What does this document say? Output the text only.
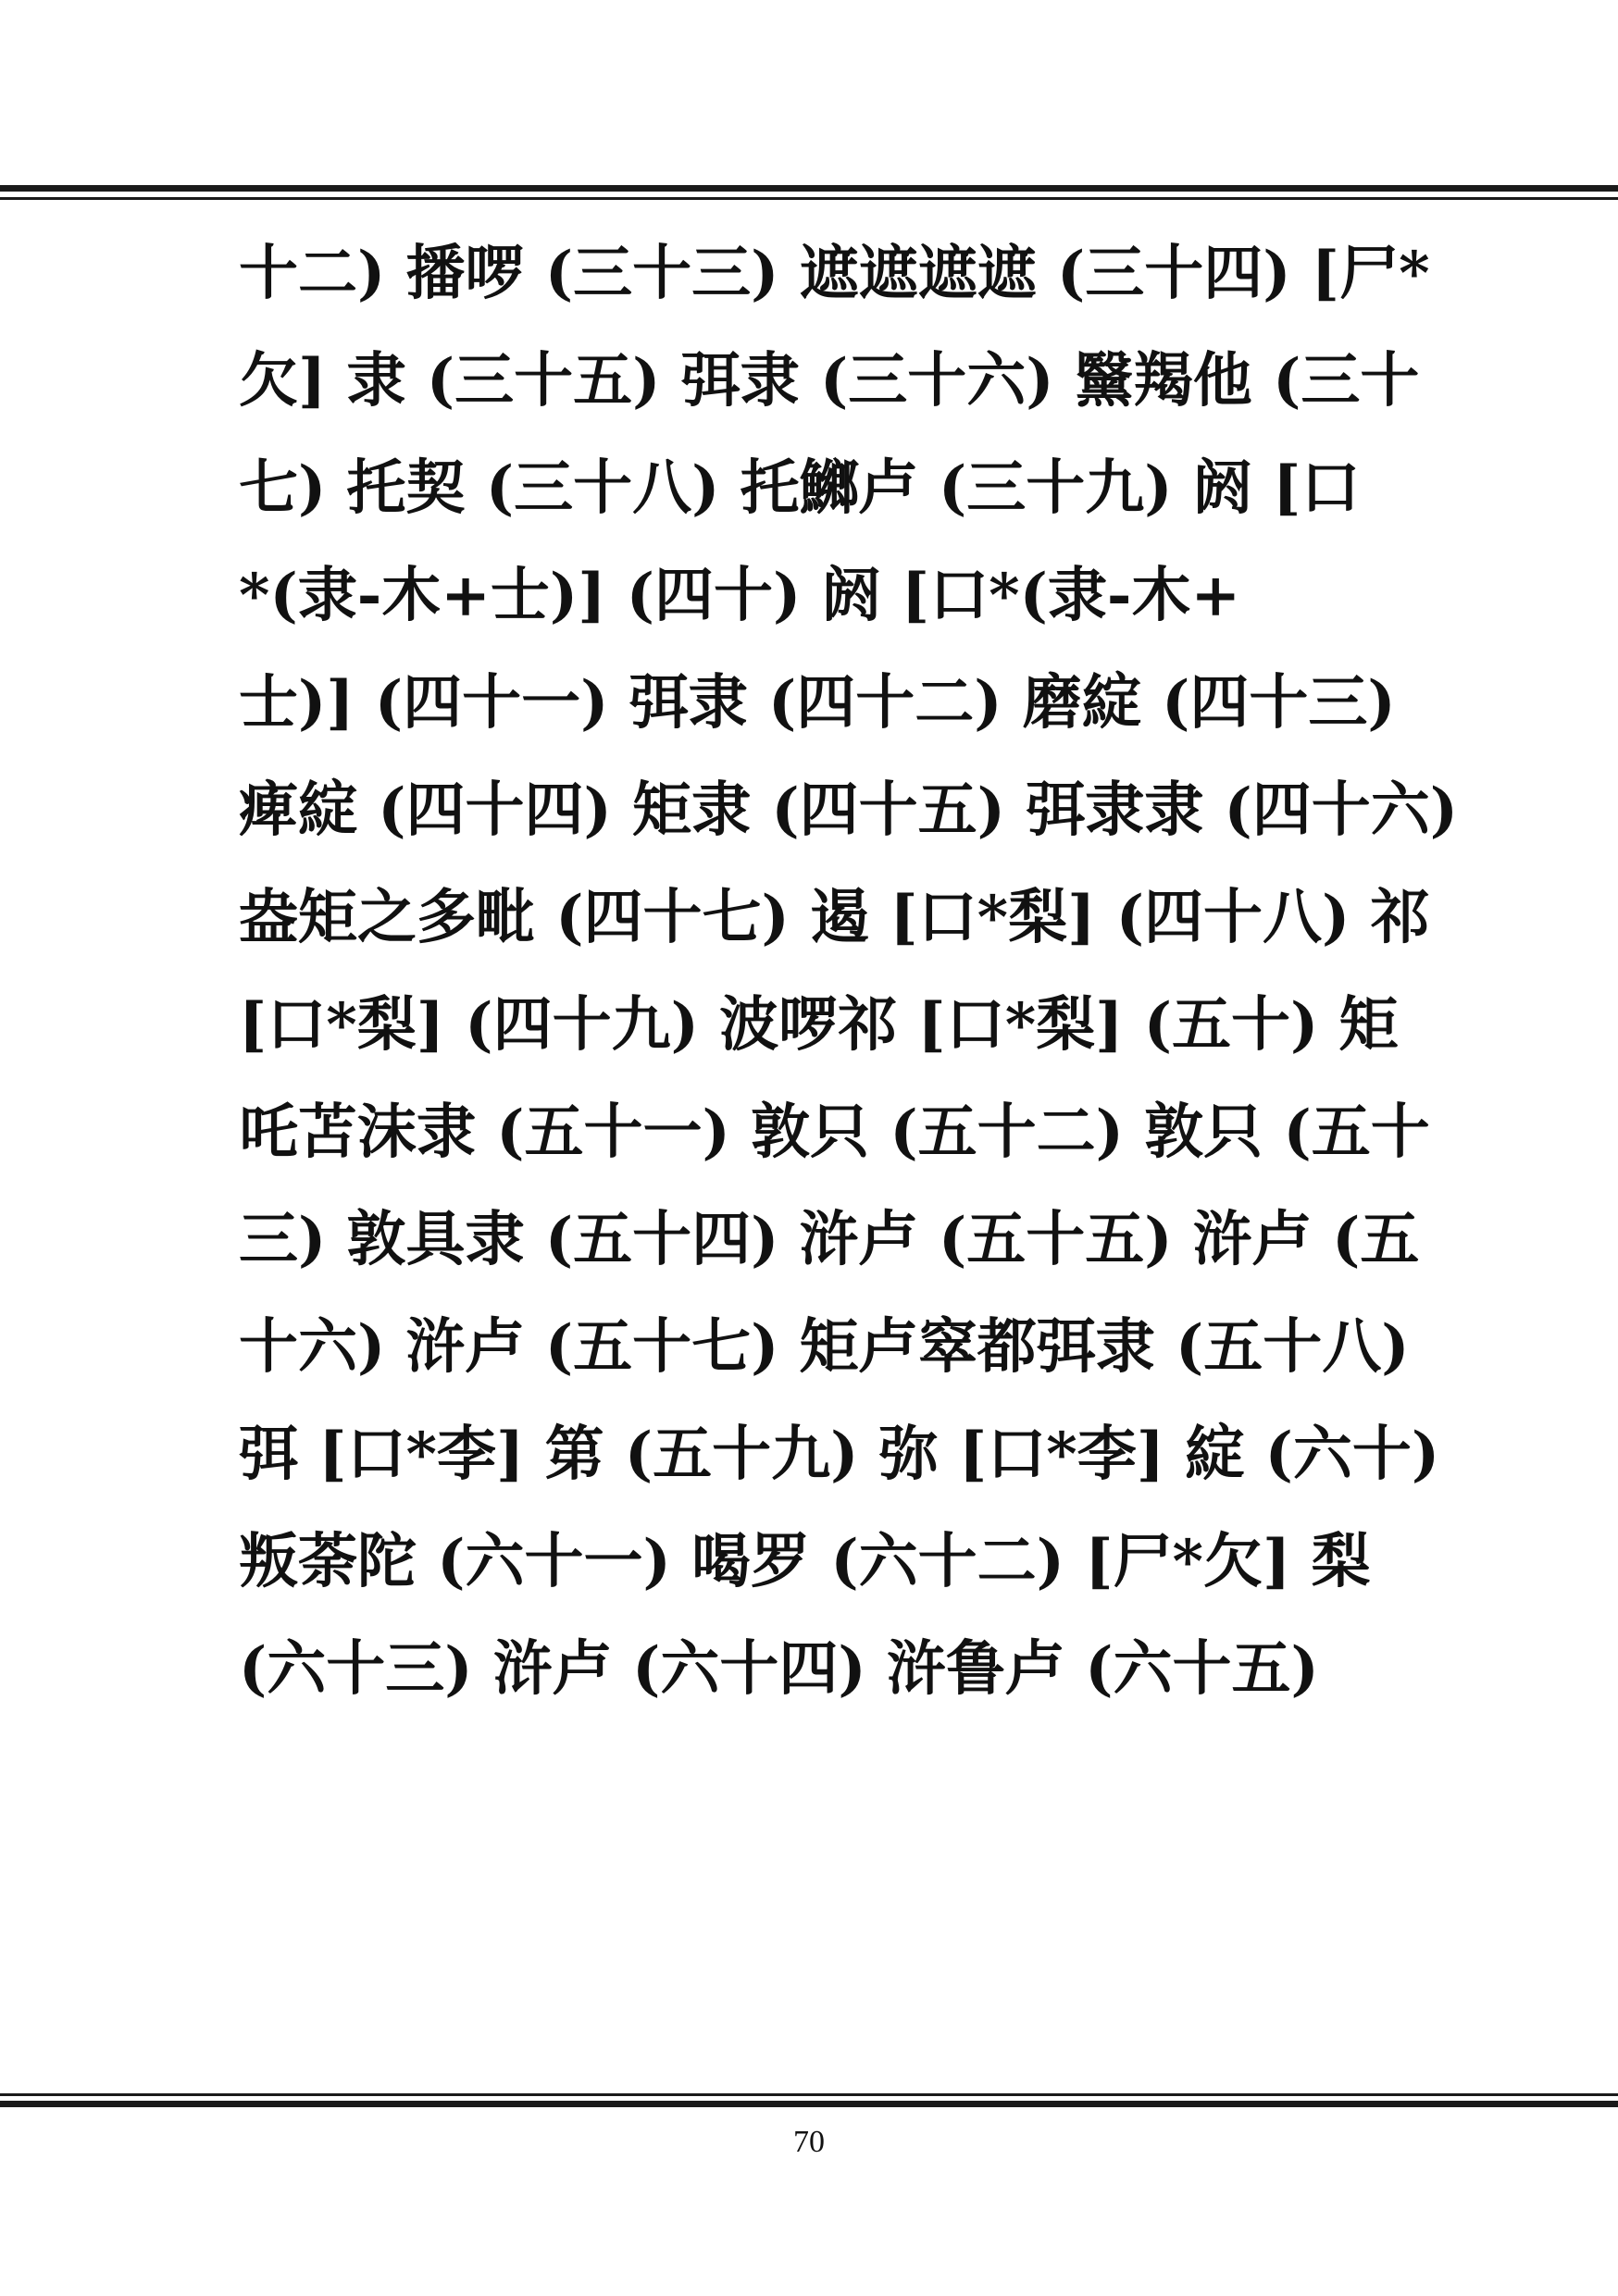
十二) 播啰 (三十三) 遮遮遮遮 (三十四) [尸*
欠] 隶 (三十五) 弭隶 (三十六) 黳羯他 (三十
七) 托契 (三十八) 托鱜卢 (三十九) 阏 [口
*(隶-木+士)] (四十) 阏 [口*(隶-木+
士)] (四十一) 弭隶 (四十二) 磨綻 (四十三)
痺綻 (四十四) 矩隶 (四十五) 弭隶隶 (四十六)
盎矩之多毗 (四十七) 遏 [口*梨] (四十八) 祁
[口*梨] (四十九) 波啰祁 [口*梨] (五十) 矩
吒苫沫隶 (五十一) 敦只 (五十二) 敦只 (五十
三) 敦具隶 (五十四) 浒卢 (五十五) 浒卢 (五
十六) 浒卢 (五十七) 矩卢窣都弭隶 (五十八)
弭 [口*李] 第 (五十九) 弥 [口*李] 綻 (六十)
叛荼陀 (六十一) 喝罗 (六十二) [尸*欠] 梨
(六十三) 浒卢 (六十四) 浒鲁卢 (六十五)
70
